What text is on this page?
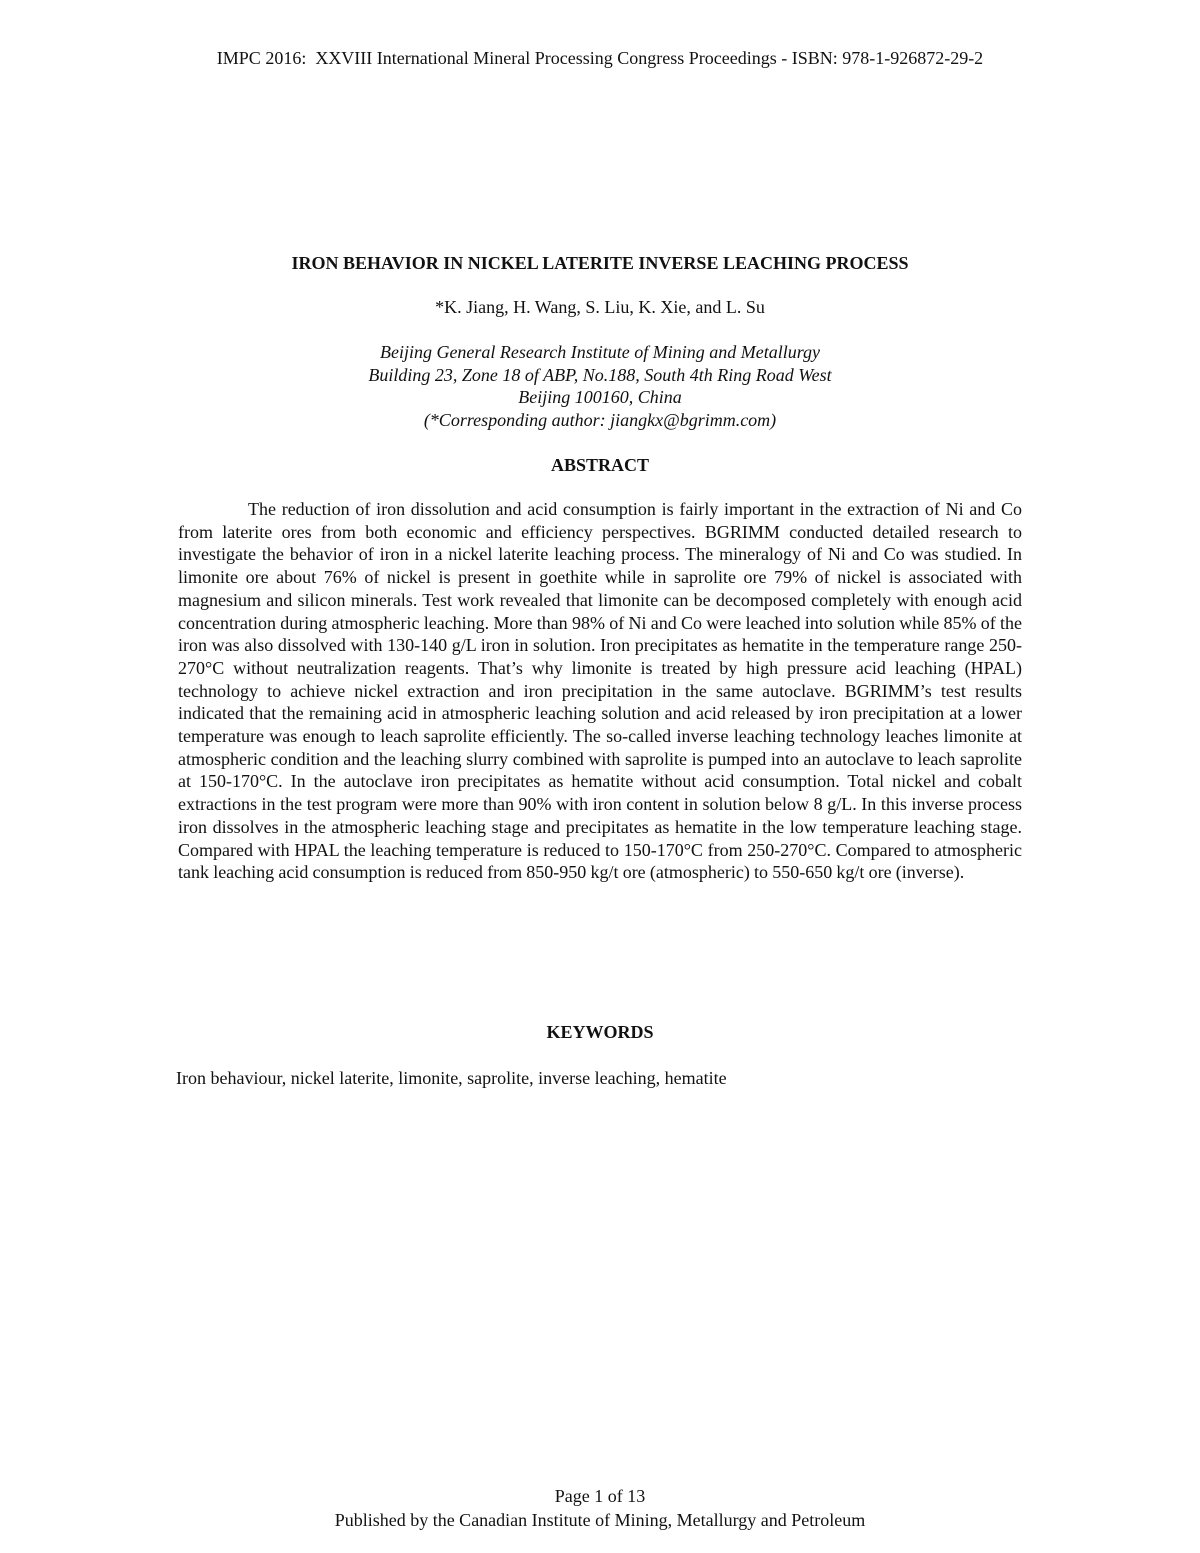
IMPC 2016:  XXVIII International Mineral Processing Congress Proceedings - ISBN: 978-1-926872-29-2
IRON BEHAVIOR IN NICKEL LATERITE INVERSE LEACHING PROCESS
*K. Jiang, H. Wang, S. Liu, K. Xie, and L. Su
Beijing General Research Institute of Mining and Metallurgy
Building 23, Zone 18 of ABP, No.188, South 4th Ring Road West
Beijing 100160, China
(*Corresponding author: jiangkx@bgrimm.com)
ABSTRACT

The reduction of iron dissolution and acid consumption is fairly important in the extraction of Ni and Co from laterite ores from both economic and efficiency perspectives. BGRIMM conducted detailed research to investigate the behavior of iron in a nickel laterite leaching process. The mineralogy of Ni and Co was studied. In limonite ore about 76% of nickel is present in goethite while in saprolite ore 79% of nickel is associated with magnesium and silicon minerals. Test work revealed that limonite can be decomposed completely with enough acid concentration during atmospheric leaching. More than 98% of Ni and Co were leached into solution while 85% of the iron was also dissolved with 130-140 g/L iron in solution. Iron precipitates as hematite in the temperature range 250-270°C without neutralization reagents. That’s why limonite is treated by high pressure acid leaching (HPAL) technology to achieve nickel extraction and iron precipitation in the same autoclave. BGRIMM’s test results indicated that the remaining acid in atmospheric leaching solution and acid released by iron precipitation at a lower temperature was enough to leach saprolite efficiently. The so-called inverse leaching technology leaches limonite at atmospheric condition and the leaching slurry combined with saprolite is pumped into an autoclave to leach saprolite at 150-170°C. In the autoclave iron precipitates as hematite without acid consumption. Total nickel and cobalt extractions in the test program were more than 90% with iron content in solution below 8 g/L. In this inverse process iron dissolves in the atmospheric leaching stage and precipitates as hematite in the low temperature leaching stage. Compared with HPAL the leaching temperature is reduced to 150-170°C from 250-270°C. Compared to atmospheric tank leaching acid consumption is reduced from 850-950 kg/t ore (atmospheric) to 550-650 kg/t ore (inverse).

KEYWORDS
Iron behaviour, nickel laterite, limonite, saprolite, inverse leaching, hematite
Page 1 of 13
Published by the Canadian Institute of Mining, Metallurgy and Petroleum
